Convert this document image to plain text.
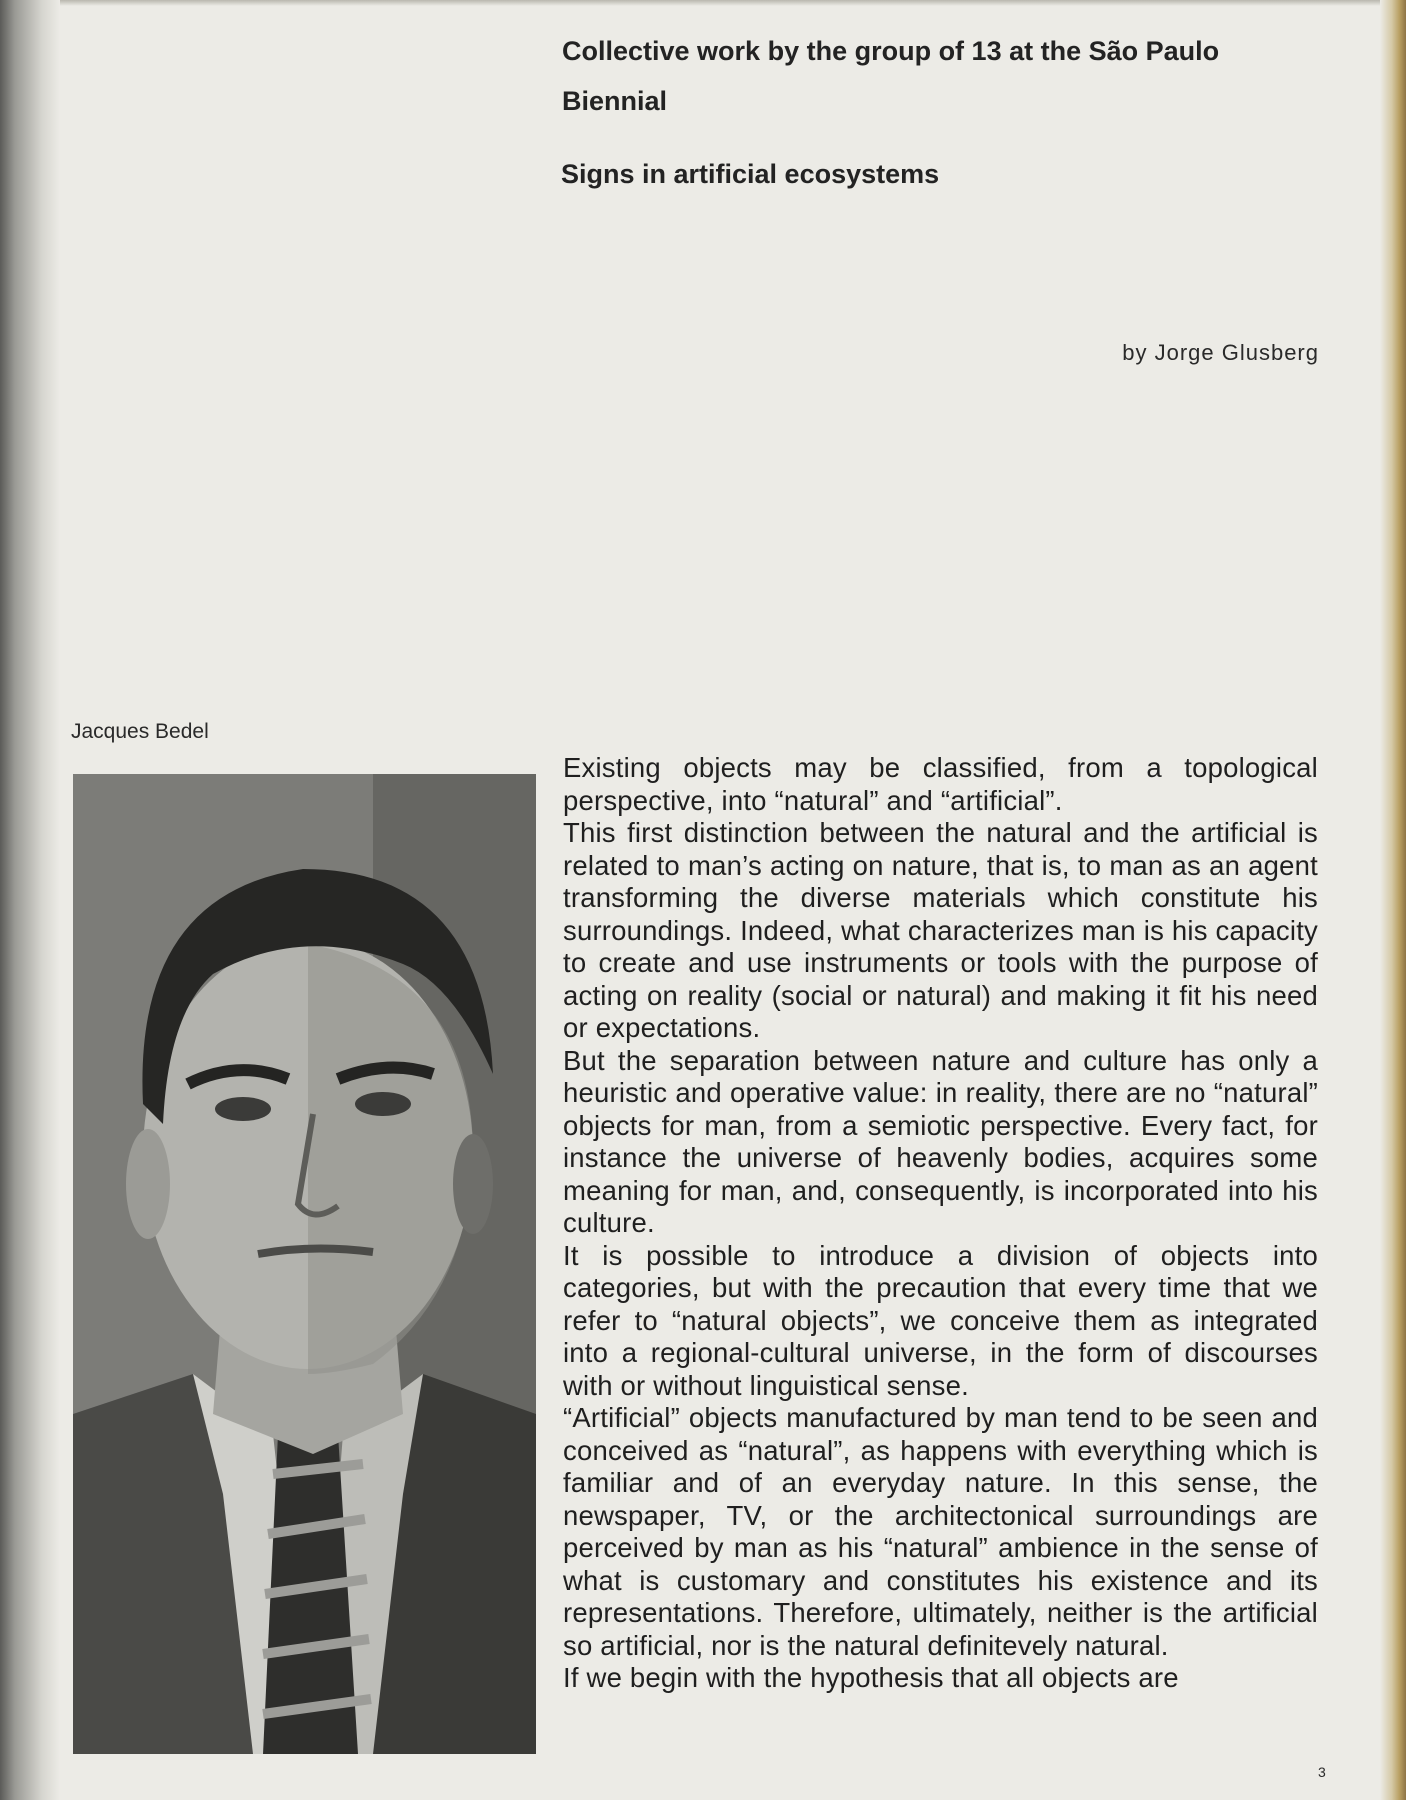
Collective work by the group of 13 at the São Paulo Biennial
Signs in artificial ecosystems
by Jorge Glusberg
Jacques Bedel
Existing objects may be classified, from a topological perspective, into “natural” and “artificial”.
This first distinction between the natural and the artificial is related to man’s acting on nature, that is, to man as an agent transforming the diverse materials which constitute his surroundings. Indeed, what characterizes man is his capacity to create and use instruments or tools with the purpose of acting on reality (social or natural) and making it fit his need or expectations.
But the separation between nature and culture has only a heuristic and operative value: in reality, there are no “natural” objects for man, from a semiotic perspective. Every fact, for instance the universe of heavenly bodies, acquires some meaning for man, and, consequently, is incorporated into his culture.
It is possible to introduce a division of objects into categories, but with the precaution that every time that we refer to “natural objects”, we conceive them as integrated into a regional-cultural universe, in the form of discourses with or without linguistical sense.
“Artificial” objects manufactured by man tend to be seen and conceived as “natural”, as happens with everything which is familiar and of an everyday nature. In this sense, the newspaper, TV, or the architectonical surroundings are perceived by man as his “natural” ambience in the sense of what is customary and constitutes his existence and its representations. Therefore, ultimately, neither is the artificial so artificial, nor is the natural definitevely natural.
If we begin with the hypothesis that all objects are
3
